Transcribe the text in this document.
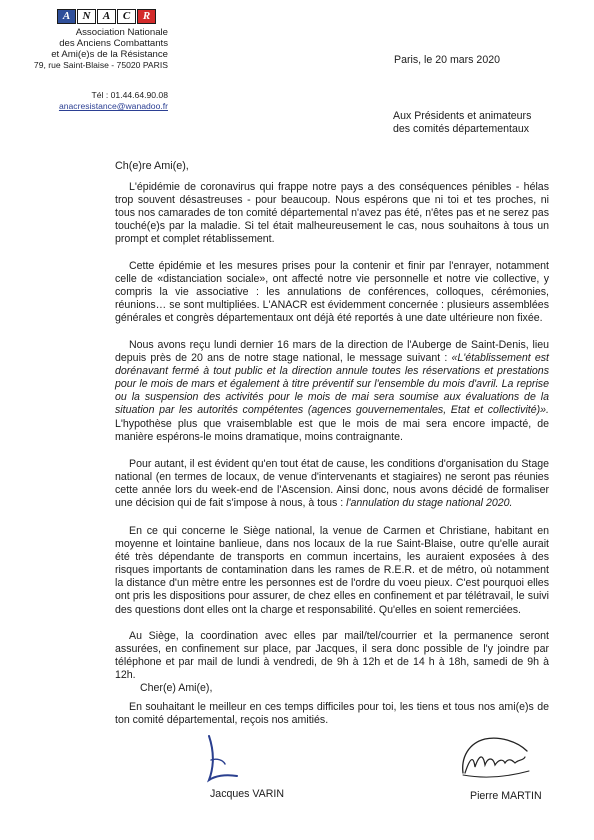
A	N	A	C	R
Association Nationale
des Anciens Combattants
et Ami(e)s de la Résistance
79, rue Saint-Blaise - 75020 PARIS
Tél : 01.44.64.90.08
anacresistance@wanadoo.fr
Paris, le 20 mars 2020
Aux Présidents et animateurs
des comités départementaux
Ch(e)re Ami(e),
L'épidémie de coronavirus qui frappe notre pays a des conséquences pénibles - hélas trop souvent désastreuses - pour beaucoup. Nous espérons que ni toi et tes proches, ni tous nos camarades de ton comité départemental n'avez pas été, n'êtes pas et ne serez pas touché(e)s par la maladie. Si tel était malheureusement le cas, nous souhaitons à tous un prompt et complet rétablissement.
Cette épidémie et les mesures prises pour la contenir et finir par l'enrayer, notamment celle de «distanciation sociale», ont affecté notre vie personnelle et notre vie collective, y compris la vie associative : les annulations de conférences, colloques, cérémonies, réunions… se sont multipliées. L'ANACR est évidemment concernée : plusieurs assemblées générales et congrès départementaux ont déjà été reportés à une date ultérieure non fixée.
Nous avons reçu lundi dernier 16 mars de la direction de l'Auberge de Saint-Denis, lieu depuis près de 20 ans de notre stage national, le message suivant : «L'établissement est dorénavant fermé à tout public et la direction annule toutes les réservations et prestations pour le mois de mars et également à titre préventif sur l'ensemble du mois d'avril. La reprise ou la suspension des activités pour le mois de mai sera soumise aux évaluations de la situation par les autorités compétentes (agences gouvernementales, Etat et collectivité)». L'hypothèse plus que vraisemblable est que le mois de mai sera encore impacté, de manière espérons-le moins dramatique, moins contraignante.
Pour autant, il est évident qu'en tout état de cause, les conditions d'organisation du Stage national (en termes de locaux, de venue d'intervenants et stagiaires) ne seront pas réunies cette année lors du week-end de l'Ascension. Ainsi donc, nous avons décidé de formaliser une décision qui de fait s'impose à nous, à tous : l'annulation du stage national 2020.
En ce qui concerne le Siège national, la venue de Carmen et Christiane, habitant en moyenne et lointaine banlieue, dans nos locaux de la rue Saint-Blaise, outre qu'elle aurait été très dépendante de transports en commun incertains, les auraient exposées à des risques importants de contamination dans les rames de R.E.R. et de métro, où notamment la distance d'un mètre entre les personnes est de l'ordre du voeu pieux. C'est pourquoi elles ont pris les dispositions pour assurer, de chez elles en confinement et par télétravail, le suivi des questions dont elles ont la charge et responsabilité. Qu'elles en soient remerciées.
Au Siège, la coordination avec elles par mail/tel/courrier et la permanence seront assurées, en confinement sur place, par Jacques, il sera donc possible de l'y joindre par téléphone et par mail de lundi à vendredi, de 9h à 12h et de 14 h à 18h, samedi de 9h à 12h.
Cher(e) Ami(e),
En souhaitant le meilleur en ces temps difficiles pour toi, les tiens et tous nos ami(e)s de ton comité départemental, reçois nos amitiés.
Jacques VARIN	Pierre MARTIN
